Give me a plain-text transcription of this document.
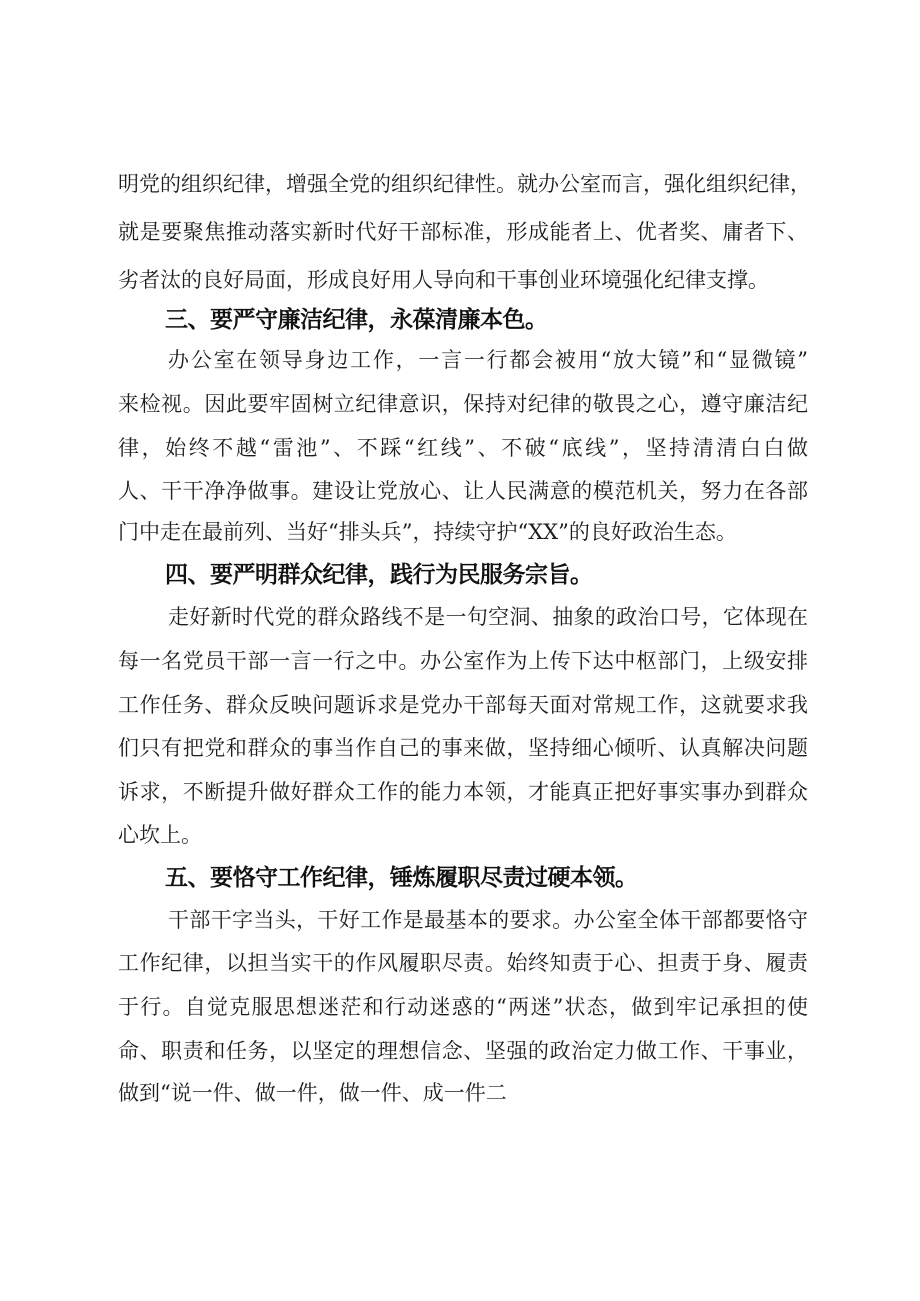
明党的组织纪律，增强全党的组织纪律性。就办公室而言，强化组织纪律，
就是要聚焦推动落实新时代好干部标准，形成能者上、优者奖、庸者下、
劣者汰的良好局面，形成良好用人导向和干事创业环境强化纪律支撑。
三、要严守廉洁纪律，永葆清廉本色。
办公室在领导身边工作，一言一行都会被用“放大镜”和“显微镜”
来检视。因此要牢固树立纪律意识，保持对纪律的敬畏之心，遵守廉洁纪
律，始终不越“雷池”、不踩“红线”、不破“底线”，坚持清清白白做
人、干干净净做事。建设让党放心、让人民满意的模范机关，努力在各部
门中走在最前列、当好“排头兵”，持续守护“XX”的良好政治生态。
四、要严明群众纪律，践行为民服务宗旨。
走好新时代党的群众路线不是一句空洞、抽象的政治口号，它体现在
每一名党员干部一言一行之中。办公室作为上传下达中枢部门，上级安排
工作任务、群众反映问题诉求是党办干部每天面对常规工作，这就要求我
们只有把党和群众的事当作自己的事来做，坚持细心倾听、认真解决问题
诉求，不断提升做好群众工作的能力本领，才能真正把好事实事办到群众
心坎上。
五、要恪守工作纪律，锤炼履职尽责过硬本领。
干部干字当头，干好工作是最基本的要求。办公室全体干部都要恪守
工作纪律，以担当实干的作风履职尽责。始终知责于心、担责于身、履责
于行。自觉克服思想迷茫和行动迷惑的“两迷”状态，做到牢记承担的使
命、职责和任务，以坚定的理想信念、坚强的政治定力做工作、干事业，
做到“说一件、做一件，做一件、成一件二
